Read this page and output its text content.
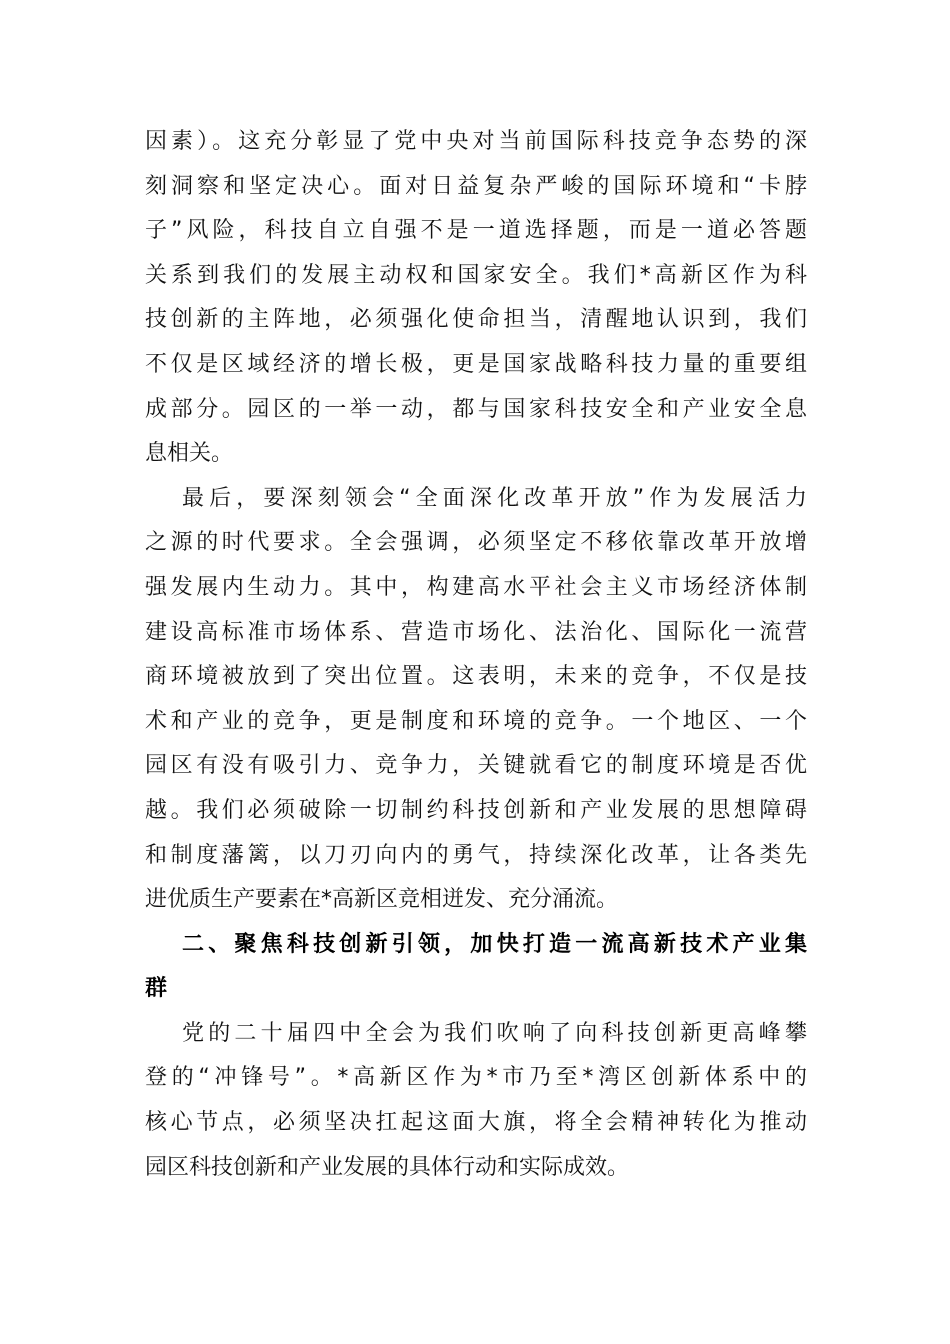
因素）。这充分彰显了党中央对当前国际科技竞争态势的深
刻洞察和坚定决心。面对日益复杂严峻的国际环境和“卡脖
子”风险，科技自立自强不是一道选择题，而是一道必答题
关系到我们的发展主动权和国家安全。我们*高新区作为科
技创新的主阵地，必须强化使命担当，清醒地认识到，我们
不仅是区域经济的增长极，更是国家战略科技力量的重要组
成部分。园区的一举一动，都与国家科技安全和产业安全息
息相关。
最后，要深刻领会“全面深化改革开放”作为发展活力
之源的时代要求。全会强调，必须坚定不移依靠改革开放增
强发展内生动力。其中，构建高水平社会主义市场经济体制
建设高标准市场体系、营造市场化、法治化、国际化一流营
商环境被放到了突出位置。这表明，未来的竞争，不仅是技
术和产业的竞争，更是制度和环境的竞争。一个地区、一个
园区有没有吸引力、竞争力，关键就看它的制度环境是否优
越。我们必须破除一切制约科技创新和产业发展的思想障碍
和制度藩篱，以刀刃向内的勇气，持续深化改革，让各类先
进优质生产要素在*高新区竞相迸发、充分涌流。
二、聚焦科技创新引领，加快打造一流高新技术产业集
群
党的二十届四中全会为我们吹响了向科技创新更高峰攀
登的“冲锋号”。*高新区作为*市乃至*湾区创新体系中的
核心节点，必须坚决扛起这面大旗，将全会精神转化为推动
园区科技创新和产业发展的具体行动和实际成效。
